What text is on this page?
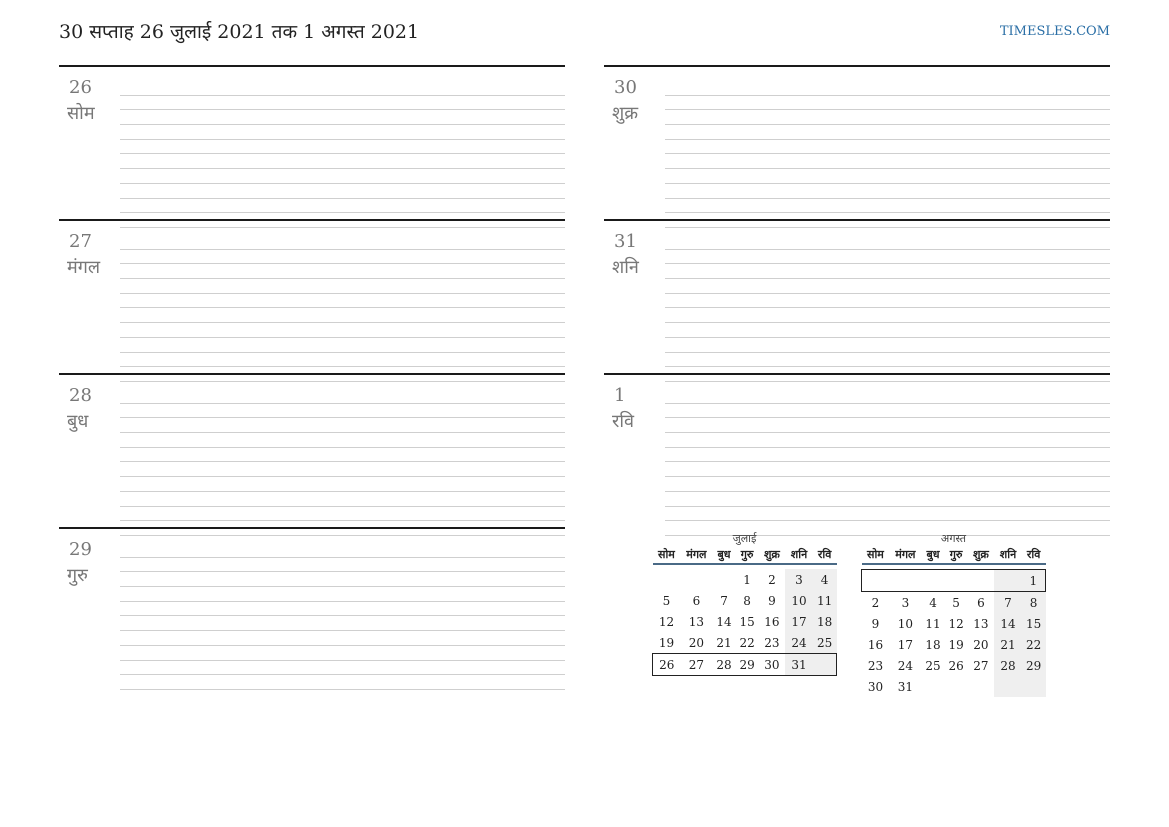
30 सप्ताह 26 जुलाई 2021 तक 1 अगस्त 2021	TIMESLES.COM
26
सोम
27
मंगल
28
बुध
29
गुरु
30
शुक्र
31
शनि
1
रवि
जुलाई
सोम	मंगल	बुध	गुरु	शुक्र	शनि	रवि

			1	2	3	4
5	6	7	8	9	10	11
12	13	14	15	16	17	18
19	20	21	22	23	24	25
26	27	28	29	30	31	
अगस्त
सोम	मंगल	बुध	गुरु	शुक्र	शनि	रवि

						1
2	3	4	5	6	7	8
9	10	11	12	13	14	15
16	17	18	19	20	21	22
23	24	25	26	27	28	29
30	31					
